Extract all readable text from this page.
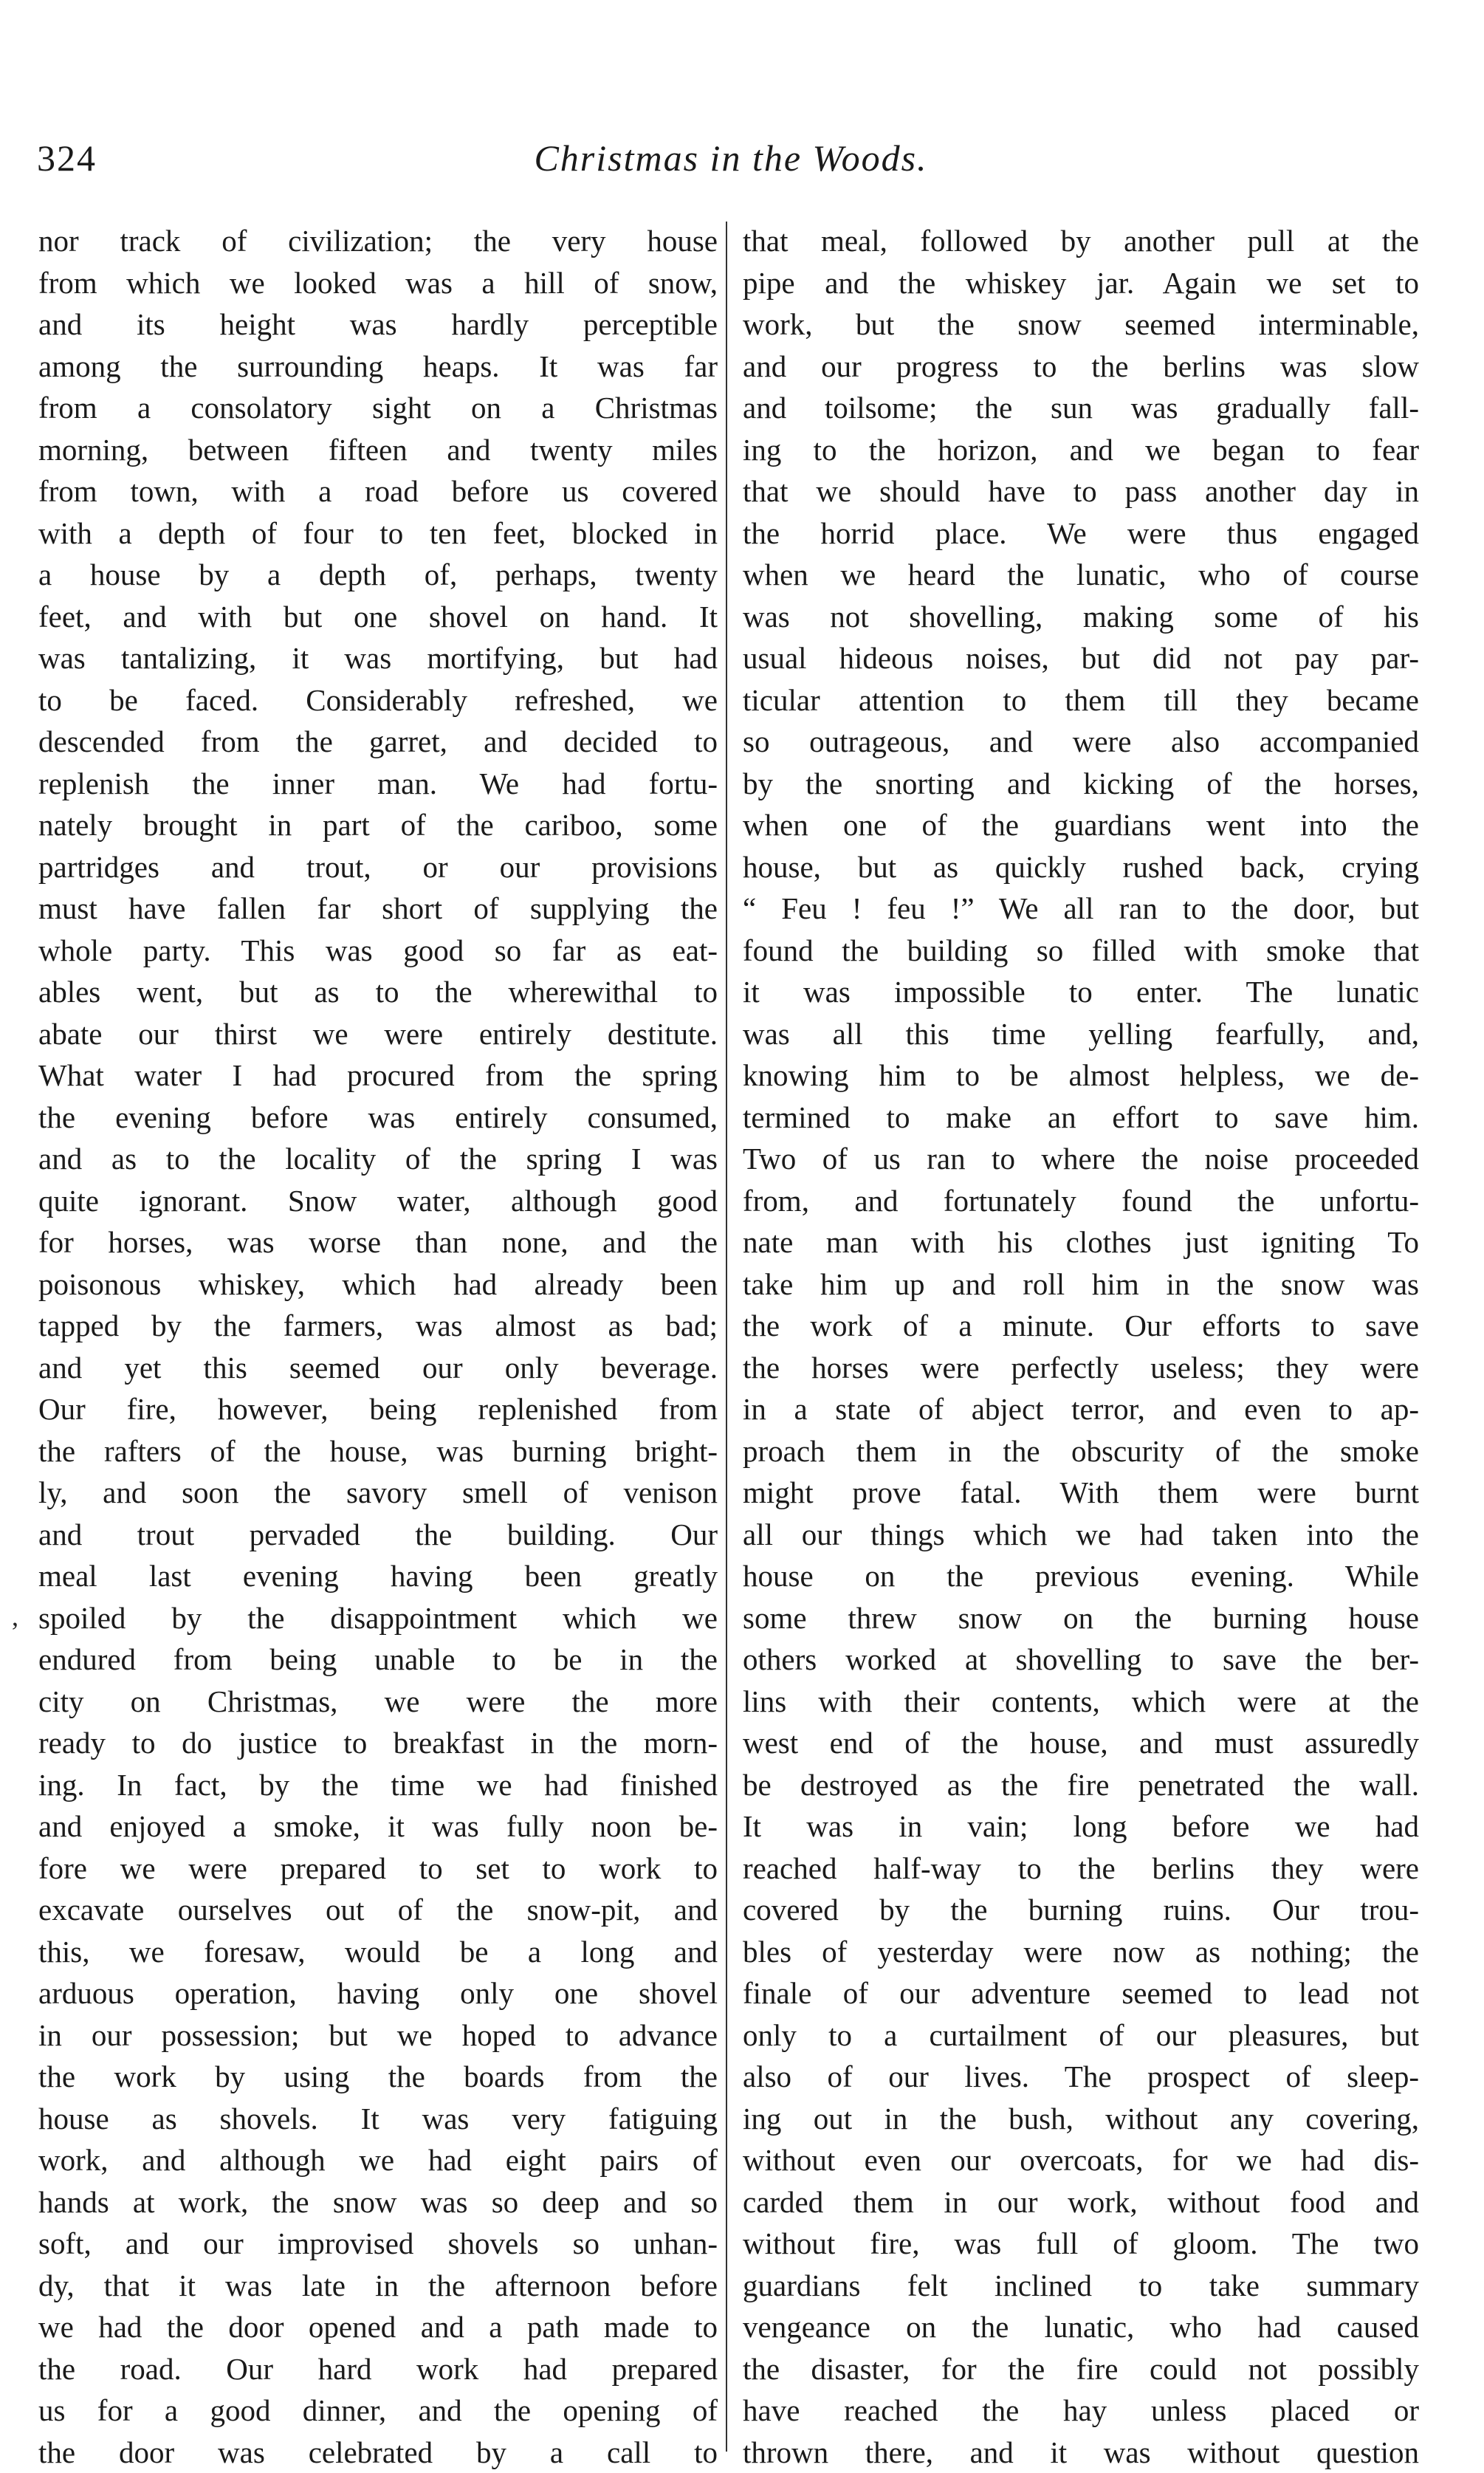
324	Christmas in the Woods.
nor track of civilization; the very house
from which we looked was a hill of snow,
and its height was hardly perceptible
among the surrounding heaps. It was far
from a consolatory sight on a Christmas
morning, between fifteen and twenty miles
from town, with a road before us covered
with a depth of four to ten feet, blocked in
a house by a depth of, perhaps, twenty
feet, and with but one shovel on hand. It
was tantalizing, it was mortifying, but had
to be faced. Considerably refreshed, we
descended from the garret, and decided to
replenish the inner man. We had fortu-
nately brought in part of the cariboo, some
partridges and trout, or our provisions
must have fallen far short of supplying the
whole party. This was good so far as eat-
ables went, but as to the wherewithal to
abate our thirst we were entirely destitute.
What water I had procured from the spring
the evening before was entirely consumed,
and as to the locality of the spring I was
quite ignorant. Snow water, although good
for horses, was worse than none, and the
poisonous whiskey, which had already been
tapped by the farmers, was almost as bad;
and yet this seemed our only beverage.
Our fire, however, being replenished from
the rafters of the house, was burning bright-
ly, and soon the savory smell of venison
and trout pervaded the building. Our
meal last evening having been greatly
spoiled by the disappointment which we
endured from being unable to be in the
city on Christmas, we were the more
ready to do justice to breakfast in the morn-
ing. In fact, by the time we had finished
and enjoyed a smoke, it was fully noon be-
fore we were prepared to set to work to
excavate ourselves out of the snow-pit, and
this, we foresaw, would be a long and
arduous operation, having only one shovel
in our possession; but we hoped to advance
the work by using the boards from the
house as shovels. It was very fatiguing
work, and although we had eight pairs of
hands at work, the snow was so deep and so
soft, and our improvised shovels so unhan-
dy, that it was late in the afternoon before
we had the door opened and a path made to
the road. Our hard work had prepared
us for a good dinner, and the opening of
the door was celebrated by a call to
that meal, followed by another pull at the
pipe and the whiskey jar. Again we set to
work, but the snow seemed interminable,
and our progress to the berlins was slow
and toilsome; the sun was gradually fall-
ing to the horizon, and we began to fear
that we should have to pass another day in
the horrid place. We were thus engaged
when we heard the lunatic, who of course
was not shovelling, making some of his
usual hideous noises, but did not pay par-
ticular attention to them till they became
so outrageous, and were also accompanied
by the snorting and kicking of the horses,
when one of the guardians went into the
house, but as quickly rushed back, crying
“ Feu ! feu !” We all ran to the door, but
found the building so filled with smoke that
it was impossible to enter. The lunatic
was all this time yelling fearfully, and,
knowing him to be almost helpless, we de-
termined to make an effort to save him.
Two of us ran to where the noise proceeded
from, and fortunately found the unfortu-
nate man with his clothes just igniting To
take him up and roll him in the snow was
the work of a minute. Our efforts to save
the horses were perfectly useless; they were
in a state of abject terror, and even to ap-
proach them in the obscurity of the smoke
might prove fatal. With them were burnt
all our things which we had taken into the
house on the previous evening. While
some threw snow on the burning house
others worked at shovelling to save the ber-
lins with their contents, which were at the
west end of the house, and must assuredly
be destroyed as the fire penetrated the wall.
It was in vain; long before we had
reached half-way to the berlins they were
covered by the burning ruins. Our trou-
bles of yesterday were now as nothing; the
finale of our adventure seemed to lead not
only to a curtailment of our pleasures, but
also of our lives. The prospect of sleep-
ing out in the bush, without any covering,
without even our overcoats, for we had dis-
carded them in our work, without food and
without fire, was full of gloom. The two
guardians felt inclined to take summary
vengeance on the lunatic, who had caused
the disaster, for the fire could not possibly
have reached the hay unless placed or
thrown there, and it was without question
,
